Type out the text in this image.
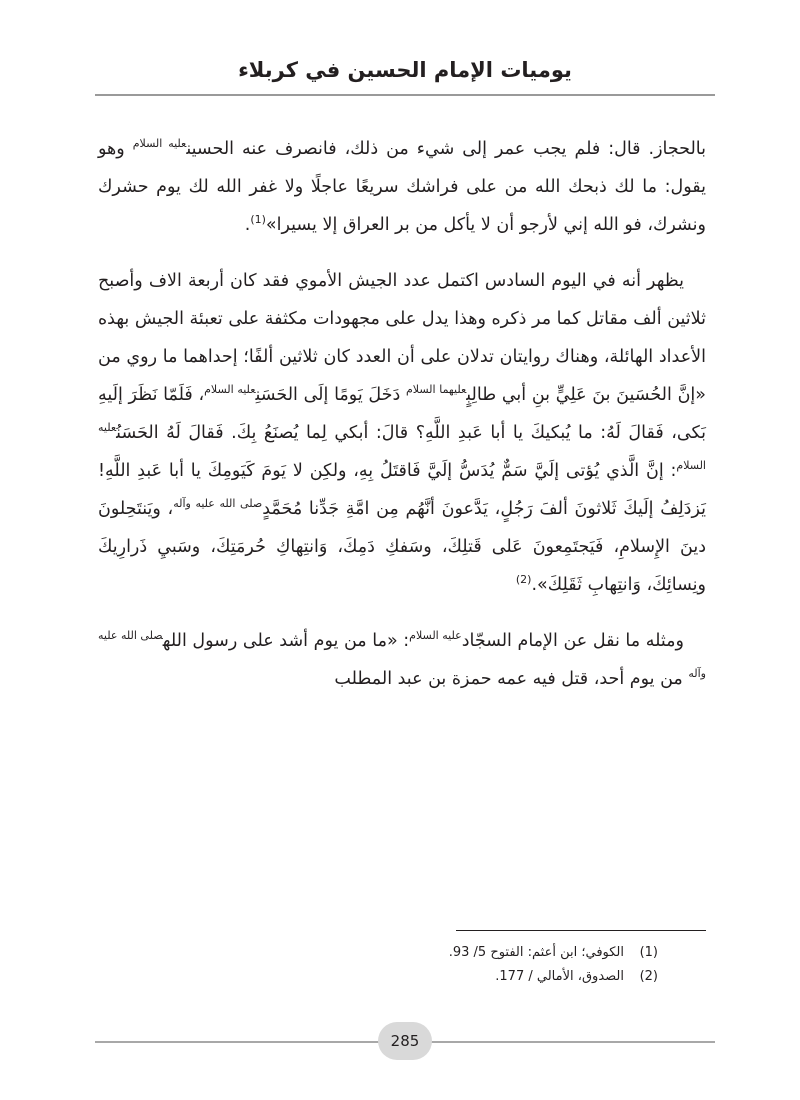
يوميات الإمام الحسين في كربلاء

بالحجاز. قال: فلم يجب عمر إلى شيء من ذلك، فانصرف عنه الحسين$^{عليه السلام}$ وهو يقول: ما لك ذبحك الله من على فراشك سريعًا عاجلًا ولا غفر الله لك يوم حشرك ونشرك، فو الله إني لأرجو أن لا يأكل من بر العراق إلا يسيرا»$^{(1)}$.

يظهر أنه في اليوم السادس اكتمل عدد الجيش الأموي فقد كان أربعة الاف وأصبح ثلاثين ألف مقاتل كما مر ذكره وهذا يدل على مجهودات مكثفة على تعبئة الجيش بهذه الأعداد الهائلة، وهناك روايتان تدلان على أن العدد كان ثلاثين ألفًا؛ إحداهما ما روي من «إنَّ الحُسَينَ بنَ عَلِيٍّ بنِ أبي طالِبٍ$^{عليهما السلام}$ دَخَلَ يَومًا إلَى الحَسَنِ$^{عليه السلام}$، فَلَمّا نَظَرَ إلَيهِ بَكى، فَقالَ لَهُ: ما يُبكيكَ يا أبا عَبدِ اللَّهِ؟ قالَ: أبكي لِما يُصنَعُ بِكَ. فَقالَ لَهُ الحَسَنُ$^{عليه السلام}$: إنَّ الَّذي يُؤتى إلَيَّ سَمٌّ يُدَسُّ إلَيَّ فَاقتَلُ بِهِ، ولكِن لا يَومَ كَيَومِكَ يا أبا عَبدِ اللَّهِ! يَزدَلِفُ إلَيكَ ثَلاثونَ ألفَ رَجُلٍ، يَدَّعونَ أنَّهُم مِن امَّةِ جَدِّنا مُحَمَّدٍ$^{صلى الله عليه وآله}$، ويَنتَحِلونَ دينَ الإِسلامِ، فَيَجتَمِعونَ عَلى قَتلِكَ، وسَفكِ دَمِكَ، وَانتِهاكِ حُرمَتِكَ، وسَبيِ ذَرارِيكَ ونِسائِكَ، وَانتِهابِ ثَقَلِكَ».$^{(2)}$

ومثله ما نقل عن الإمام السجّاد$^{عليه السلام}$: «ما من يوم أشد على رسول الله$^{صلى الله عليه وآله}$ من يوم أحد، قتل فيه عمه حمزة بن عبد المطلب

(1)الكوفي؛ ابن أعثم: الفتوح 5/ 93.
(2)الصدوق، الأمالي / 177.
285
